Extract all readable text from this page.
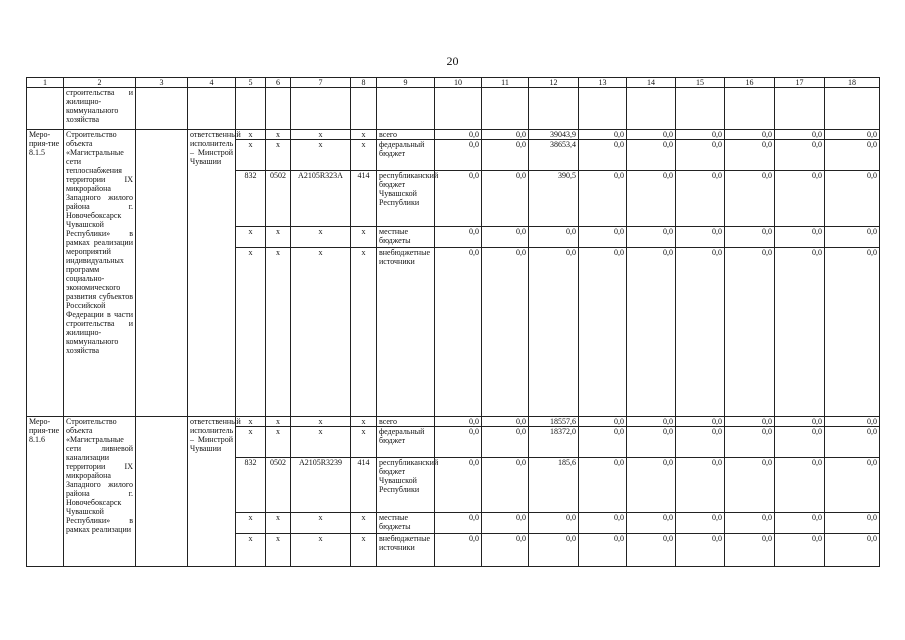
20
1	2	3	4	5	6	7	8	9	10	11	12	13	14	15	16	17	18
	строительства и жилищно-коммунального хозяйства																
Меро-прия-тие 8.1.5	Строительство объекта «Магистральные сети теплоснабжения территории IX микрорайона Западного жилого района г. Новочебоксарск Чувашской Республики» в рамках реализации мероприятий индивидуальных программ социально-экономического развития субъектов Российской Федерации в части строительства и жилищно-коммунального хозяйства		ответственный исполнитель – Минстрой Чувашии	x	x	x	x	всего	0,0	0,0	39043,9	0,0	0,0	0,0	0,0	0,0	0,0
				x	x	x	x	федеральный бюджет	0,0	0,0	38653,4	0,0	0,0	0,0	0,0	0,0	0,0
				832	0502	А2105R323А	414	республиканский бюджет Чувашской Республики	0,0	0,0	390,5	0,0	0,0	0,0	0,0	0,0	0,0
				x	x	x	x	местные бюджеты	0,0	0,0	0,0	0,0	0,0	0,0	0,0	0,0	0,0
				x	x	x	x	внебюджетные источники	0,0	0,0	0,0	0,0	0,0	0,0	0,0	0,0	0,0
Меро-прия-тие 8.1.6	Строительство объекта «Магистральные сети ливневой канализации территории IX микрорайона Западного жилого района г. Новочебоксарск Чувашской Республики» в рамках реализации		ответственный исполнитель – Минстрой Чувашии	x	x	x	x	всего	0,0	0,0	18557,6	0,0	0,0	0,0	0,0	0,0	0,0
				x	x	x	x	федеральный бюджет	0,0	0,0	18372,0	0,0	0,0	0,0	0,0	0,0	0,0
				832	0502	А2105R3239	414	республиканский бюджет Чувашской Республики	0,0	0,0	185,6	0,0	0,0	0,0	0,0	0,0	0,0
				x	x	x	x	местные бюджеты	0,0	0,0	0,0	0,0	0,0	0,0	0,0	0,0	0,0
				x	x	x	x	внебюджетные источники	0,0	0,0	0,0	0,0	0,0	0,0	0,0	0,0	0,0
